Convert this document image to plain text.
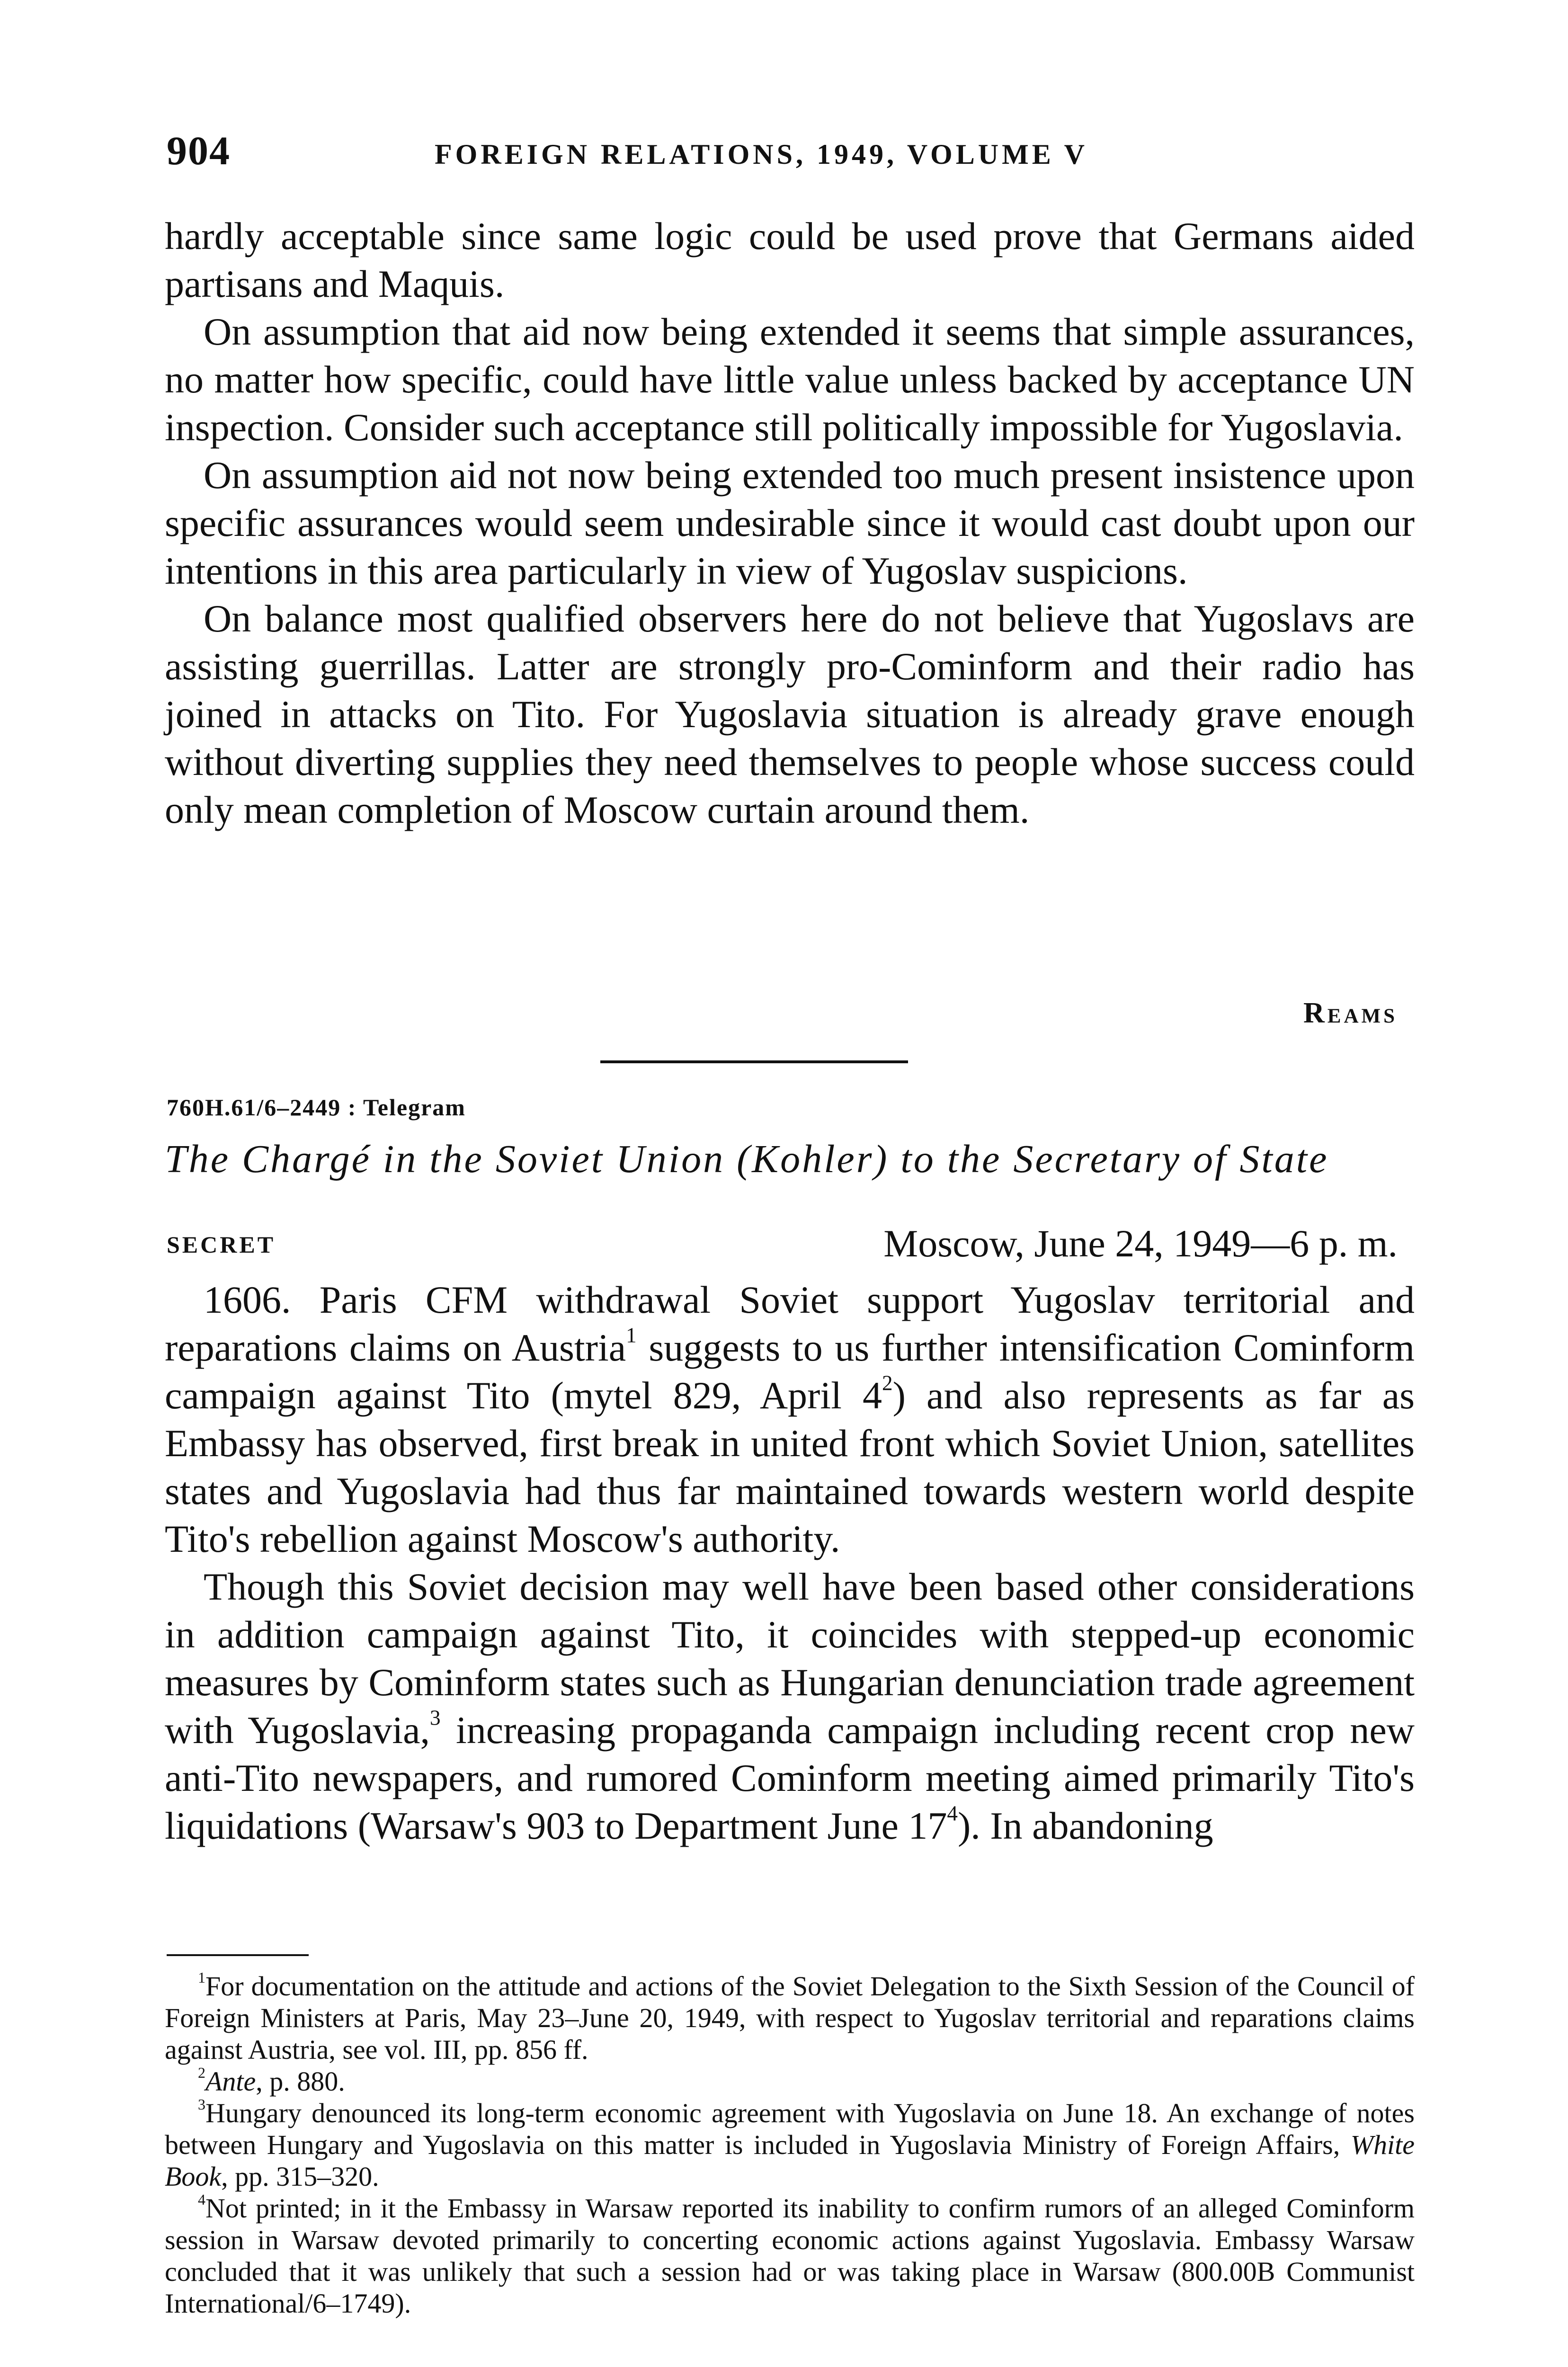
904	FOREIGN RELATIONS, 1949, VOLUME V

hardly acceptable since same logic could be used prove that Germans aided partisans and Maquis.

On assumption that aid now being extended it seems that simple assurances, no matter how specific, could have little value unless backed by acceptance UN inspection. Consider such acceptance still politically impossible for Yugoslavia.

On assumption aid not now being extended too much present insistence upon specific assurances would seem undesirable since it would cast doubt upon our intentions in this area particularly in view of Yugoslav suspicions.

On balance most qualified observers here do not believe that Yugoslavs are assisting guerrillas. Latter are strongly pro-Cominform and their radio has joined in attacks on Tito. For Yugoslavia situation is already grave enough without diverting supplies they need themselves to people whose success could only mean completion of Moscow curtain around them.

Reams
760H.61/6–2449 : Telegram
The Chargé in the Soviet Union (Kohler) to the Secretary of State
SECRET	Moscow, June 24, 1949—6 p. m.

1606. Paris CFM withdrawal Soviet support Yugoslav territorial and reparations claims on Austria$^1$ suggests to us further intensification Cominform campaign against Tito (mytel 829, April $4^2$) and also represents as far as Embassy has observed, first break in united front which Soviet Union, satellites states and Yugoslavia had thus far maintained towards western world despite Tito's rebellion against Moscow's authority.

Though this Soviet decision may well have been based other considerations in addition campaign against Tito, it coincides with stepped-up economic measures by Cominform states such as Hungarian denunciation trade agreement with Yugoslavia,$^3$ increasing propaganda campaign including recent crop new anti-Tito newspapers, and rumored Cominform meeting aimed primarily Tito's liquidations (Warsaw's 903 to Department June $17^4$). In abandoning

$^1$For documentation on the attitude and actions of the Soviet Delegation to the Sixth Session of the Council of Foreign Ministers at Paris, May 23–June 20, 1949, with respect to Yugoslav territorial and reparations claims against Austria, see vol. III, pp. 856 ff.

$^2$Ante, p. 880.

$^3$Hungary denounced its long-term economic agreement with Yugoslavia on June 18. An exchange of notes between Hungary and Yugoslavia on this matter is included in Yugoslavia Ministry of Foreign Affairs, White Book, pp. 315–320.

$^4$Not printed; in it the Embassy in Warsaw reported its inability to confirm rumors of an alleged Cominform session in Warsaw devoted primarily to concerting economic actions against Yugoslavia. Embassy Warsaw concluded that it was unlikely that such a session had or was taking place in Warsaw (800.00B Communist International/6–1749).
